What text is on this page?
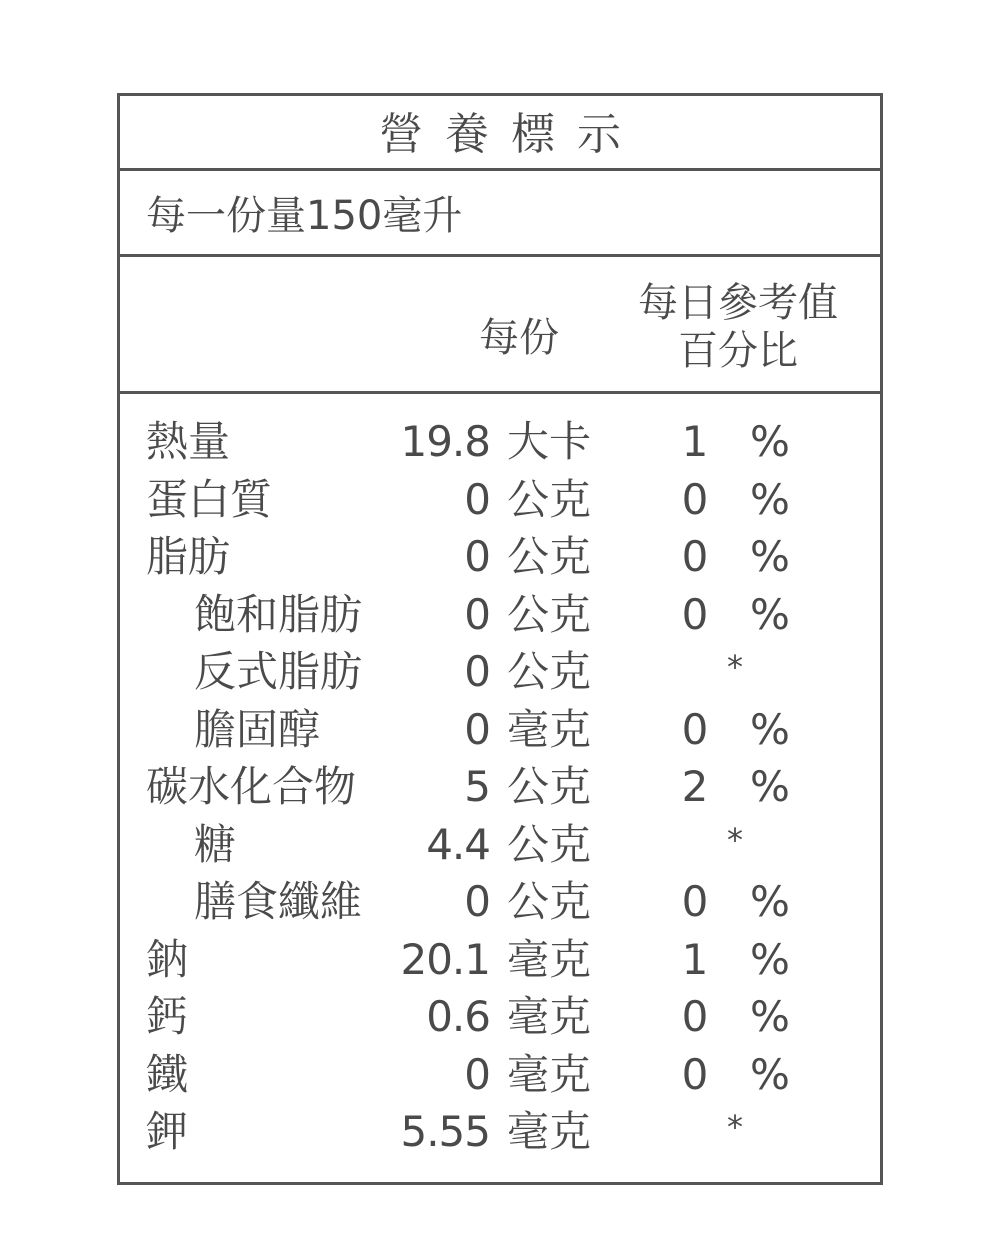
營養標示
每一份量150毫升
每份
每日參考值
百分比
熱量	19.8 大卡 1 %
蛋白質	0 公克 0 %
脂肪	0 公克 0 %
飽和脂肪 0 公克 0 %
反式脂肪 0 公克	*
膽固醇	0 毫克 0 %
碳水化合物	5 公克 2 %
糖	4.4 公克	*
膳食纖維 0 公克 0 %
鈉	20.1 毫克 1 %
鈣	0.6 毫克 0 %
鐵	0 毫克 0 %
鉀	5.55 毫克	*
